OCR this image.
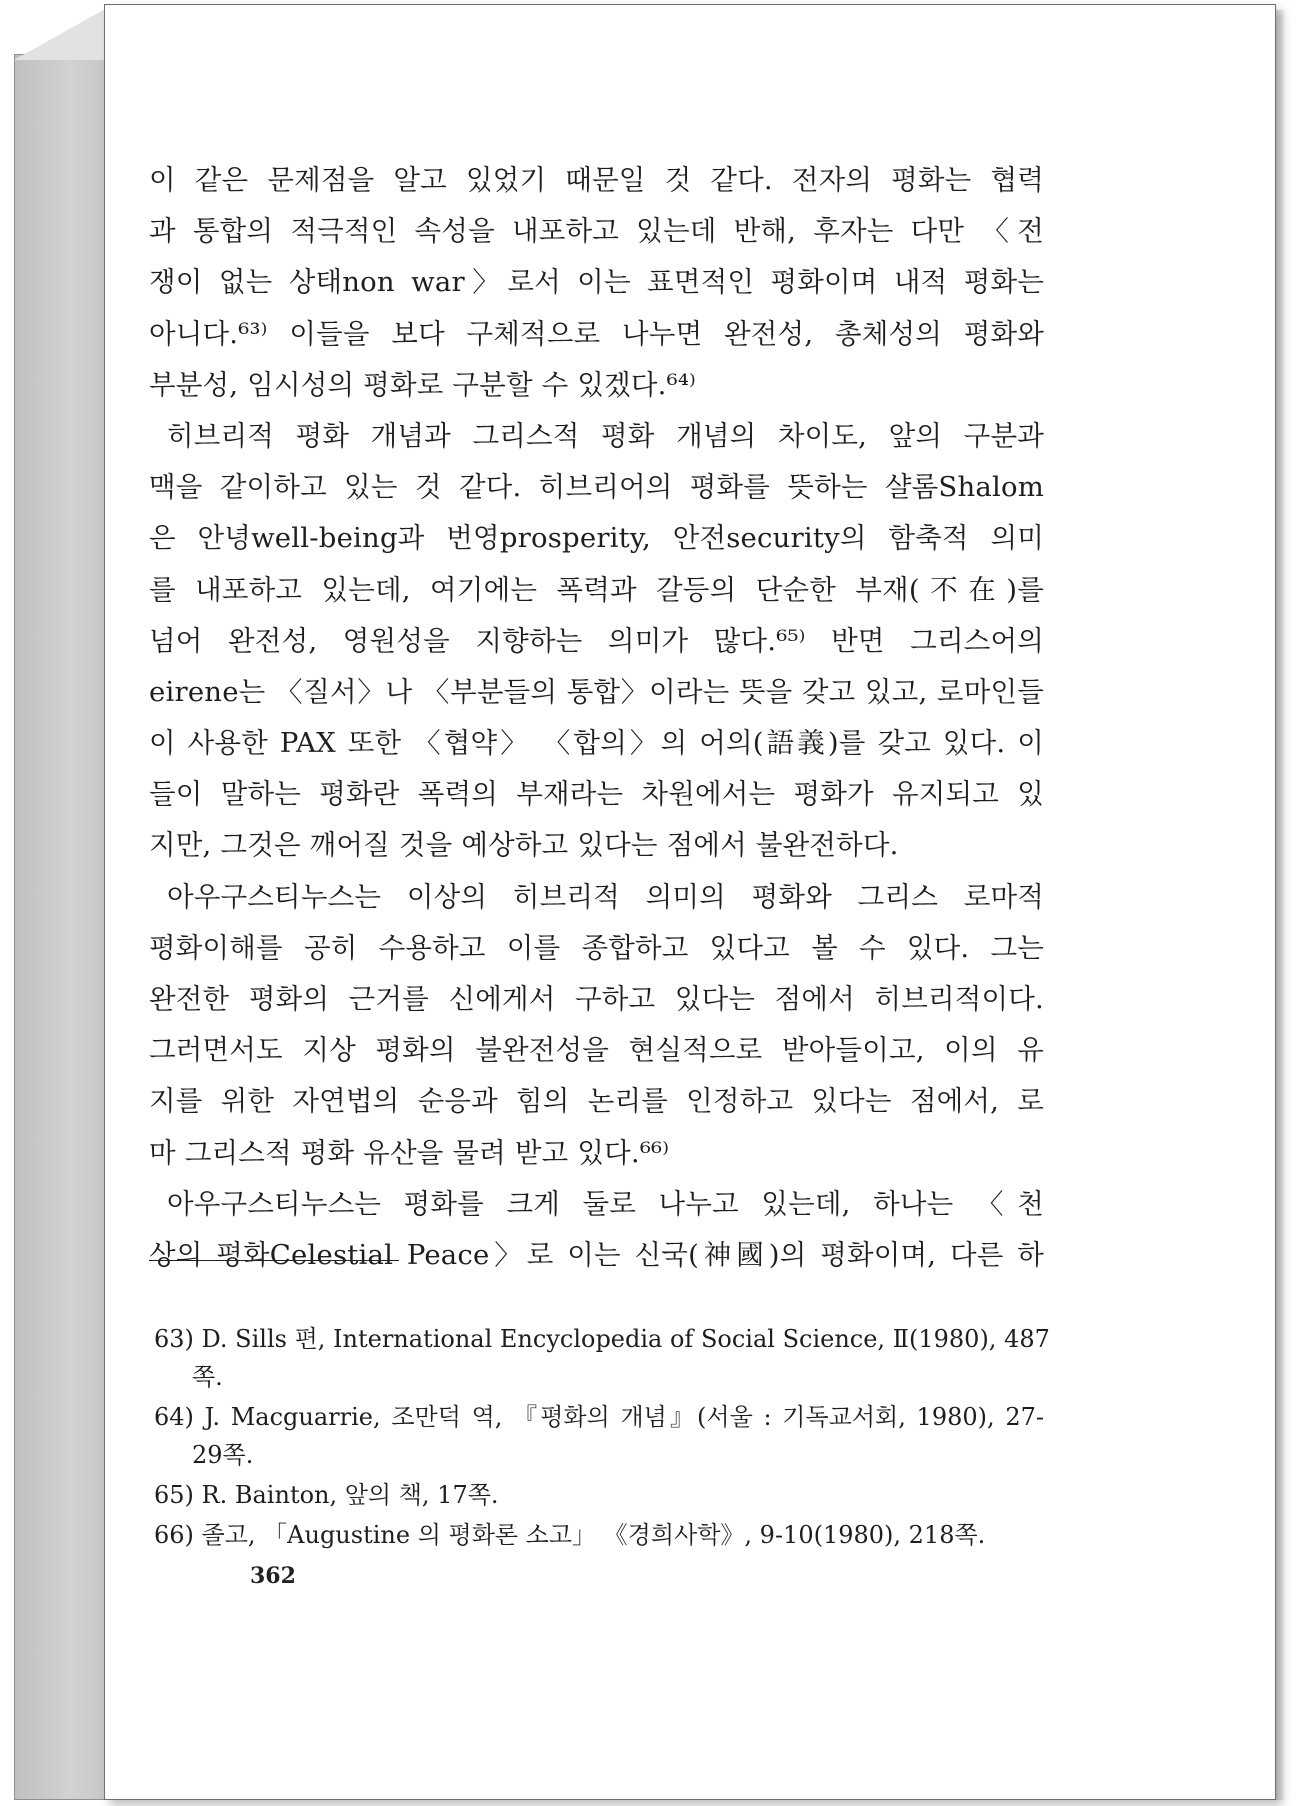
이 같은 문제점을 알고 있었기 때문일 것 같다. 전자의 평화는 협력
과 통합의 적극적인 속성을 내포하고 있는데 반해, 후자는 다만 〈전
쟁이 없는 상태non war〉로서 이는 표면적인 평화이며 내적 평화는
아니다.⁶³⁾ 이들을 보다 구체적으로 나누면 완전성, 총체성의 평화와
부분성, 임시성의 평화로 구분할 수 있겠다.⁶⁴⁾
히브리적 평화 개념과 그리스적 평화 개념의 차이도, 앞의 구분과
맥을 같이하고 있는 것 같다. 히브리어의 평화를 뜻하는 샬롬Shalom
은 안녕well-being과 번영prosperity, 안전security의 함축적 의미
를 내포하고 있는데, 여기에는 폭력과 갈등의 단순한 부재(不在)를
넘어 완전성, 영원성을 지향하는 의미가 많다.⁶⁵⁾ 반면 그리스어의
eirene는 〈질서〉나 〈부분들의 통합〉이라는 뜻을 갖고 있고, 로마인들
이 사용한 PAX 또한 〈협약〉 〈합의〉의 어의(語義)를 갖고 있다. 이
들이 말하는 평화란 폭력의 부재라는 차원에서는 평화가 유지되고 있
지만, 그것은 깨어질 것을 예상하고 있다는 점에서 불완전하다.
아우구스티누스는 이상의 히브리적 의미의 평화와 그리스 로마적
평화이해를 공히 수용하고 이를 종합하고 있다고 볼 수 있다. 그는
완전한 평화의 근거를 신에게서 구하고 있다는 점에서 히브리적이다.
그러면서도 지상 평화의 불완전성을 현실적으로 받아들이고, 이의 유
지를 위한 자연법의 순응과 힘의 논리를 인정하고 있다는 점에서, 로
마 그리스적 평화 유산을 물려 받고 있다.⁶⁶⁾
아우구스티누스는 평화를 크게 둘로 나누고 있는데, 하나는 〈천
상의 평화Celestial Peace〉로 이는 신국(神國)의 평화이며, 다른 하
63) D. Sills 편, International Encyclopedia of Social Science, Ⅱ(1980), 487
쪽.
64) J. Macguarrie, 조만덕 역, 『평화의 개념』(서울 : 기독교서회, 1980), 27-
29쪽.
65) R. Bainton, 앞의 책, 17쪽.
66) 졸고, 「Augustine 의 평화론 소고」 《경희사학》, 9-10(1980), 218쪽.
362
